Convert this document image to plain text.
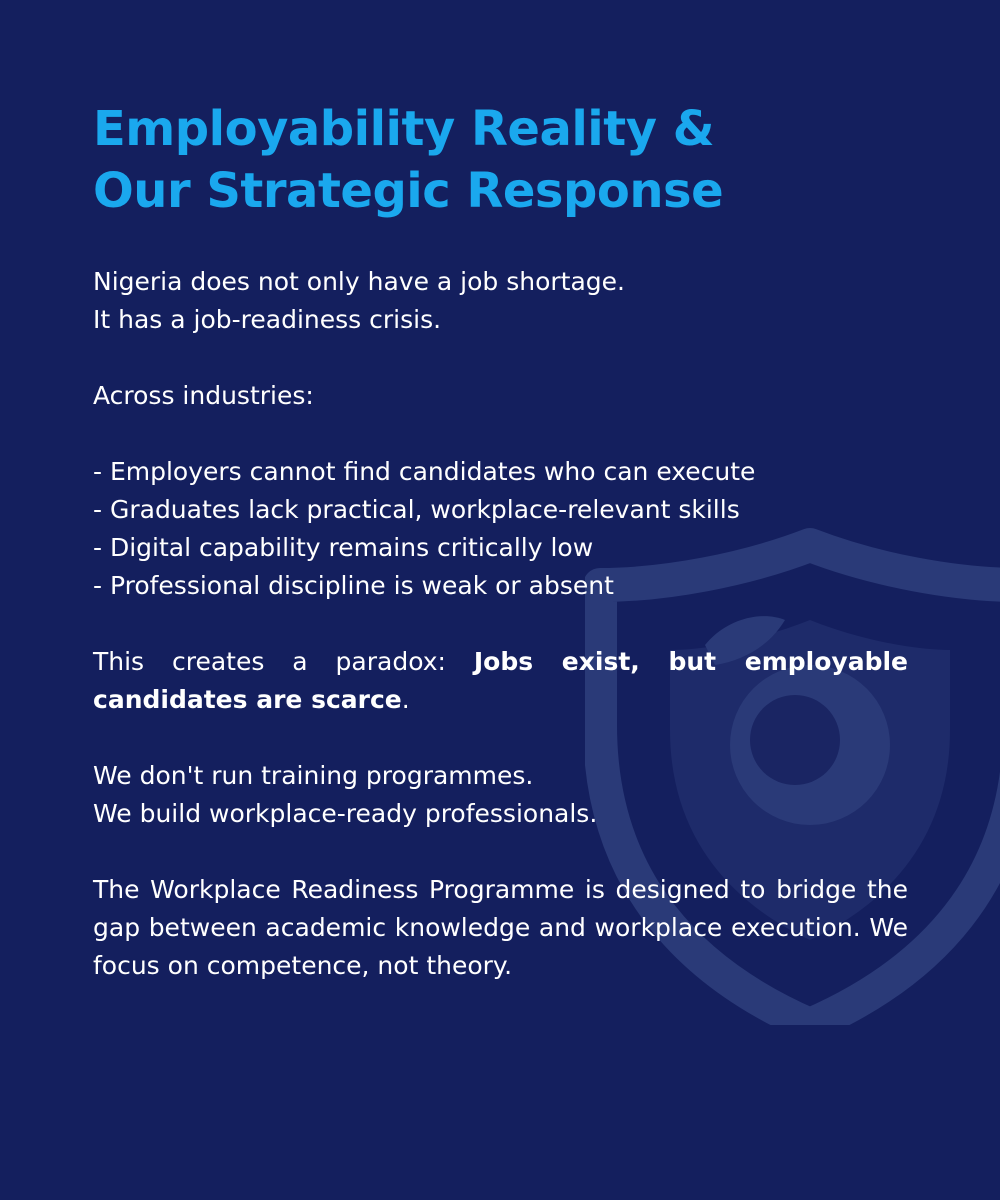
Employability Reality &
Our Strategic Response
Nigeria does not only have a job shortage.
It has a job-readiness crisis.
Across industries:
- Employers cannot find candidates who can execute
- Graduates lack practical, workplace-relevant skills
- Digital capability remains critically low
- Professional discipline is weak or absent
This creates a paradox: Jobs exist, but employable candidates are scarce.
We don't run training programmes.
We build workplace-ready professionals.
The Workplace Readiness Programme is designed to bridge the gap between academic knowledge and workplace execution. We focus on competence, not theory.
